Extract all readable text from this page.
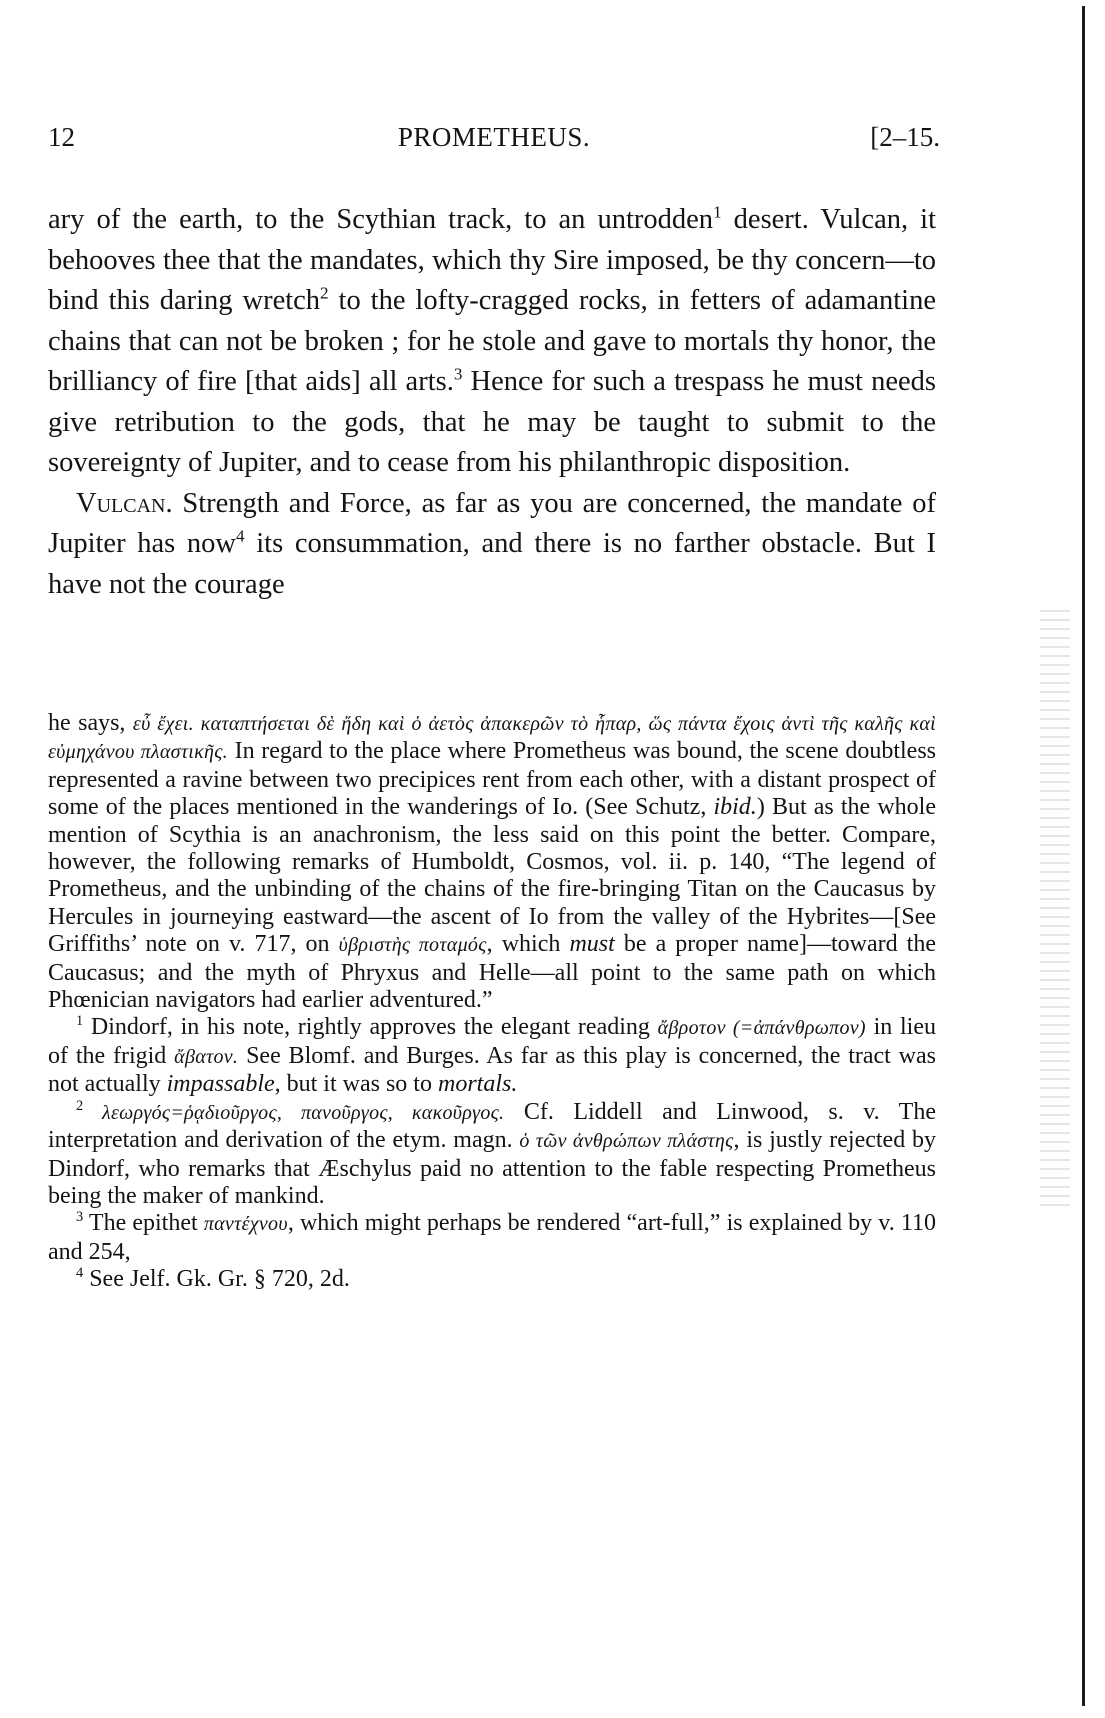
12	PROMETHEUS.	[2–15.

ary of the earth, to the Scythian track, to an untrodden$^1$ desert. Vulcan, it behooves thee that the mandates, which thy Sire imposed, be thy concern—to bind this daring wretch$^2$ to the lofty-cragged rocks, in fetters of adamantine chains that can not be broken ; for he stole and gave to mortals thy honor, the brilliancy of fire [that aids] all arts.$^3$ Hence for such a trespass he must needs give retribution to the gods, that he may be taught to submit to the sovereignty of Jupiter, and to cease from his philanthropic disposition.

Vulcan. Strength and Force, as far as you are concerned, the mandate of Jupiter has now$^4$ its consummation, and there is no farther obstacle. But I have not the courage

he says, εὖ ἔχει. καταπτήσεται δὲ ἤδη καὶ ὁ ἀετὸς ἀπακερῶν τὸ ἧπαρ, ὥς πάντα ἔχοις ἀντὶ τῆς καλῆς καὶ εὐμηχάνου πλαστικῆς. In regard to the place where Prometheus was bound, the scene doubtless represented a ravine between two precipices rent from each other, with a distant prospect of some of the places mentioned in the wanderings of Io. (See Schutz, ibid.) But as the whole mention of Scythia is an anachronism, the less said on this point the better. Compare, however, the following remarks of Humboldt, Cosmos, vol. ii. p. 140, “The legend of Prometheus, and the unbinding of the chains of the fire-bringing Titan on the Caucasus by Hercules in journeying eastward—the ascent of Io from the valley of the Hybrites—[See Griffiths’ note on v. 717, on ὑβριστὴς ποταμός, which must be a proper name]—toward the Caucasus; and the myth of Phryxus and Helle—all point to the same path on which Phœnician navigators had earlier adventured.”

$^1$ Dindorf, in his note, rightly approves the elegant reading ἄβροτον (=ἀπάνθρωπον) in lieu of the frigid ἄβατον. See Blomf. and Burges. As far as this play is concerned, the tract was not actually impassable, but it was so to mortals.

$^2$ λεωργός=ῥᾳδιοῦργος, πανοῦργος, κακοῦργος. Cf. Liddell and Linwood, s. v. The interpretation and derivation of the etym. magn. ὁ τῶν ἀνθρώπων πλάστης, is justly rejected by Dindorf, who remarks that Æschylus paid no attention to the fable respecting Prometheus being the maker of mankind.

$^3$ The epithet παντέχνου, which might perhaps be rendered “art-full,” is explained by v. 110 and 254,

$^4$ See Jelf. Gk. Gr. § 720, 2d.
